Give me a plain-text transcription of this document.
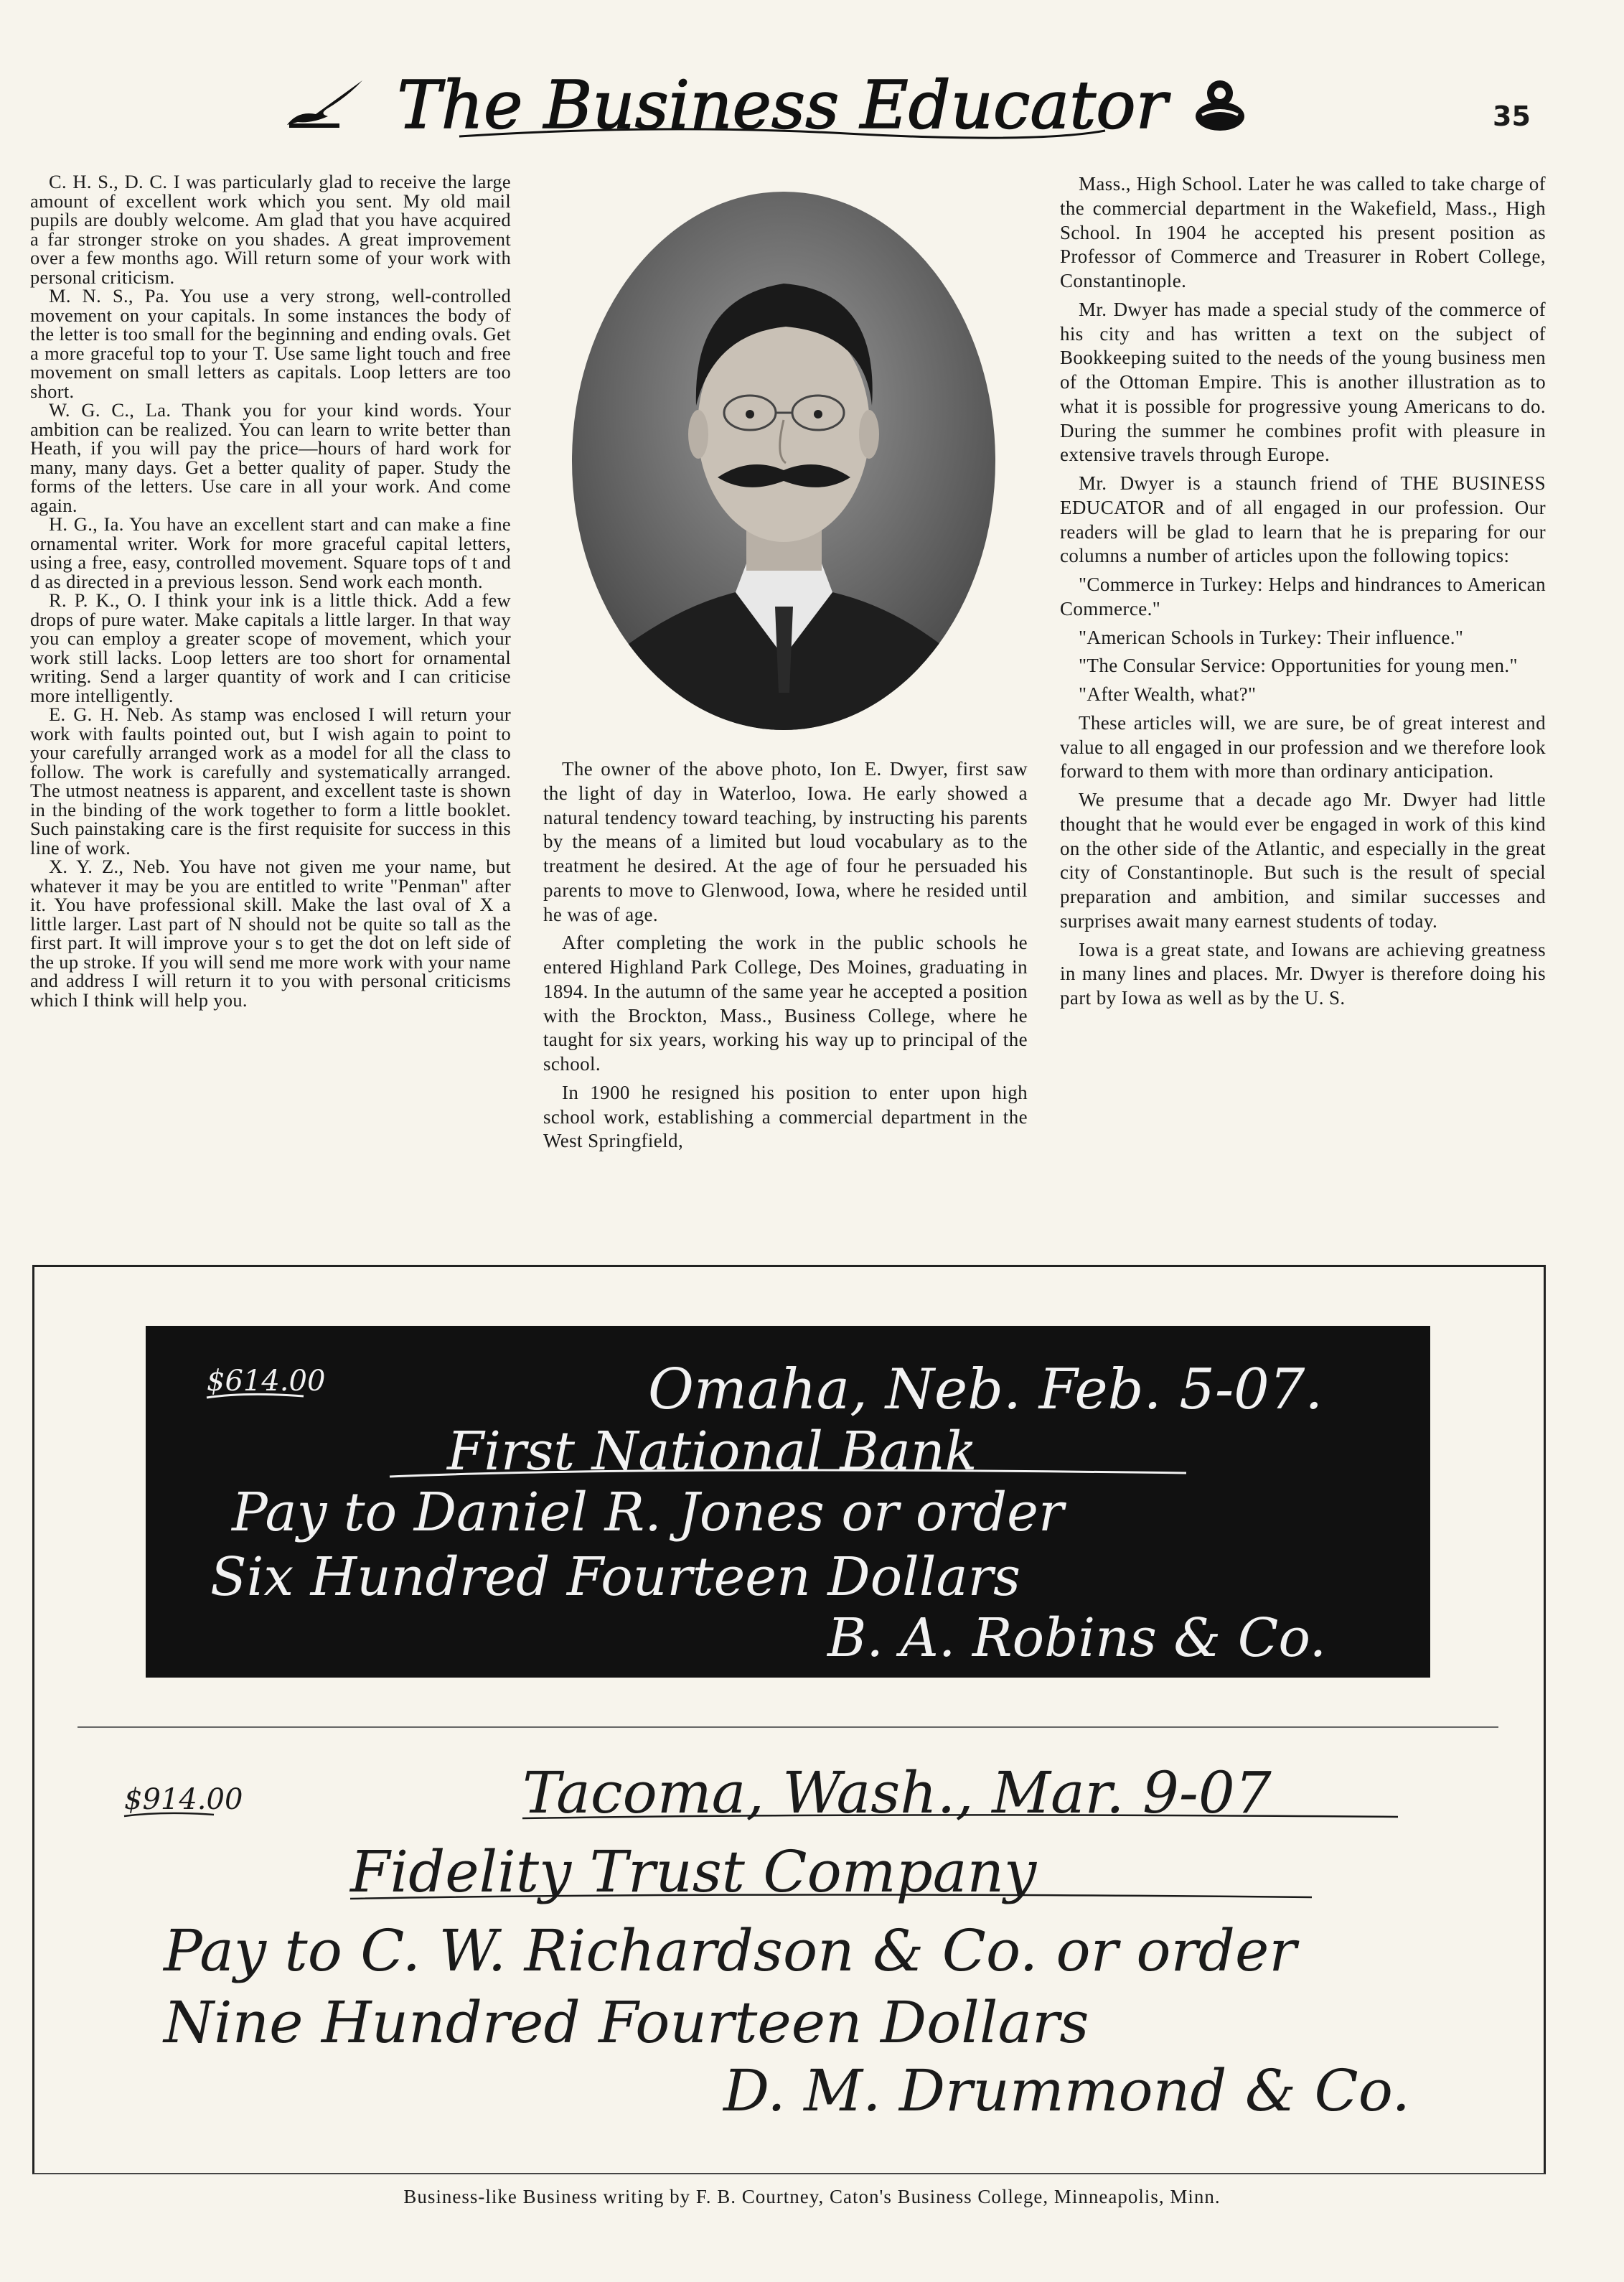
The Business Educator	35

C. H. S., D. C. I was particularly glad to receive the large amount of excellent work which you sent. My old mail pupils are doubly welcome. Am glad that you have acquired a far stronger stroke on you shades. A great improvement over a few months ago. Will return some of your work with personal criticism.

M. N. S., Pa. You use a very strong, well-controlled movement on your capitals. In some instances the body of the letter is too small for the beginning and ending ovals. Get a more graceful top to your T. Use same light touch and free movement on small letters as capitals. Loop letters are too short.

W. G. C., La. Thank you for your kind words. Your ambition can be realized. You can learn to write better than Heath, if you will pay the price—hours of hard work for many, many days. Get a better quality of paper. Study the forms of the letters. Use care in all your work. And come again.

H. G., Ia. You have an excellent start and can make a fine ornamental writer. Work for more graceful capital letters, using a free, easy, controlled movement. Square tops of t and d as directed in a previous lesson. Send work each month.

R. P. K., O. I think your ink is a little thick. Add a few drops of pure water. Make capitals a little larger. In that way you can employ a greater scope of movement, which your work still lacks. Loop letters are too short for ornamental writing. Send a larger quantity of work and I can criticise more intelligently.

E. G. H. Neb. As stamp was enclosed I will return your work with faults pointed out, but I wish again to point to your carefully arranged work as a model for all the class to follow. The work is carefully and systematically arranged. The utmost neatness is apparent, and excellent taste is shown in the binding of the work together to form a little booklet. Such painstaking care is the first requisite for success in this line of work.

X. Y. Z., Neb. You have not given me your name, but whatever it may be you are entitled to write "Penman" after it. You have professional skill. Make the last oval of X a little larger. Last part of N should not be quite so tall as the first part. It will improve your s to get the dot on left side of the up stroke. If you will send me more work with your name and address I will return it to you with personal criticisms which I think will help you.

The owner of the above photo, Ion E. Dwyer, first saw the light of day in Waterloo, Iowa. He early showed a natural tendency toward teaching, by instructing his parents by the means of a limited but loud vocabulary as to the treatment he desired. At the age of four he persuaded his parents to move to Glenwood, Iowa, where he resided until he was of age.

After completing the work in the public schools he entered Highland Park College, Des Moines, graduating in 1894. In the autumn of the same year he accepted a position with the Brockton, Mass., Business College, where he taught for six years, working his way up to principal of the school.

In 1900 he resigned his position to enter upon high school work, establishing a commercial department in the West Springfield,

Mass., High School. Later he was called to take charge of the commercial department in the Wakefield, Mass., High School. In 1904 he accepted his present position as Professor of Commerce and Treasurer in Robert College, Constantinople.

Mr. Dwyer has made a special study of the commerce of his city and has written a text on the subject of Bookkeeping suited to the needs of the young business men of the Ottoman Empire. This is another illustration as to what it is possible for progressive young Americans to do. During the summer he combines profit with pleasure in extensive travels through Europe.

Mr. Dwyer is a staunch friend of THE BUSINESS EDUCATOR and of all engaged in our profession. Our readers will be glad to learn that he is preparing for our columns a number of articles upon the following topics:

"Commerce in Turkey: Helps and hindrances to American Commerce."

"American Schools in Turkey: Their influence."

"The Consular Service: Opportunities for young men."

"After Wealth, what?"

These articles will, we are sure, be of great interest and value to all engaged in our profession and we therefore look forward to them with more than ordinary anticipation.

We presume that a decade ago Mr. Dwyer had little thought that he would ever be engaged in work of this kind on the other side of the Atlantic, and especially in the great city of Constantinople. But such is the result of special preparation and ambition, and similar successes and surprises await many earnest students of today.

Iowa is a great state, and Iowans are achieving greatness in many lines and places. Mr. Dwyer is therefore doing his part by Iowa as well as by the U. S.

$614.00	Omaha, Neb. Feb. 5-07.
First National Bank
Pay to Daniel R. Jones or order
Six Hundred Fourteen Dollars
B. A. Robins & Co.
$914.00	Tacoma, Wash., Mar. 9-07
Fidelity Trust Company
Pay to C. W. Richardson & Co. or order
Nine Hundred Fourteen Dollars
D. M. Drummond & Co.
Business-like Business writing by F. B. Courtney, Caton's Business College, Minneapolis, Minn.
